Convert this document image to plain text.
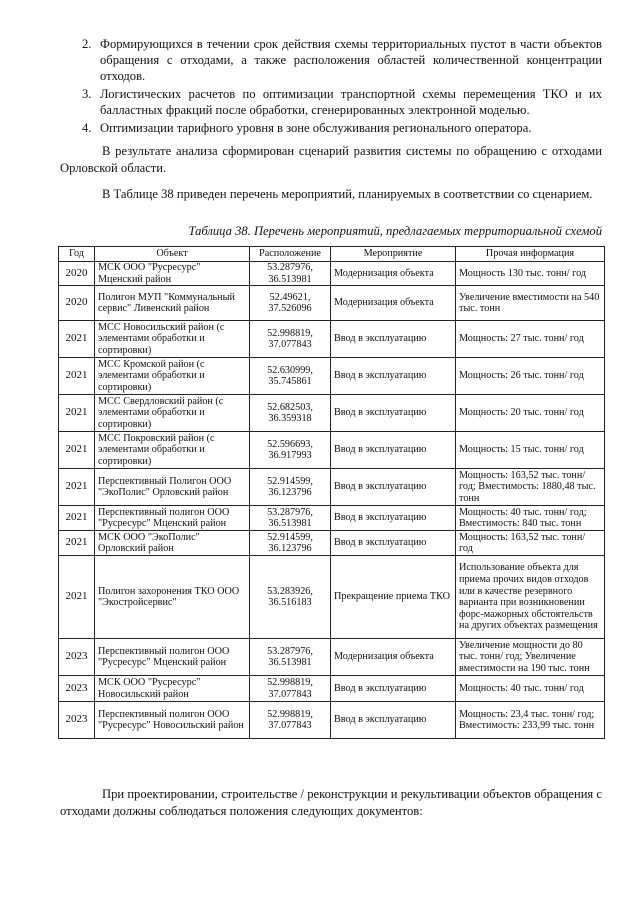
2. Формирующихся в течении срок действия схемы территориальных пустот в части объектов обращения с отходами, а также расположения областей количественной концентрации отходов.
3. Логистических расчетов по оптимизации транспортной схемы перемещения ТКО и их балластных фракций после обработки, сгенерированных электронной моделью.
4. Оптимизации тарифного уровня в зоне обслуживания регионального оператора.

В результате анализа сформирован сценарий развития системы по обращению с отходами Орловской области.

В Таблице 38 приведен перечень мероприятий, планируемых в соответствии со сценарием.

Таблица 38. Перечень мероприятий, предлагаемых территориальной схемой
Год	Объект	Расположение	Мероприятие	Прочая информация
2020	МСК ООО "Русресурс" Мценский район	53.287976, 36.513981	Модернизация объекта	Мощность 130 тыс. тонн/ год
2020	Полигон МУП "Коммунальный сервис" Ливенский район	52.49621, 37.526096	Модернизация объекта	Увеличение вместимости на 540 тыс. тонн
2021	МСС Новосильский район (с элементами обработки и сортировки)	52.998819, 37.077843	Ввод в эксплуатацию	Мощность: 27 тыс. тонн/ год
2021	МСС Кромской район (с элементами обработки и сортировки)	52.630999, 35.745861	Ввод в эксплуатацию	Мощность: 26 тыс. тонн/ год
2021	МСС Свердловский район (с элементами обработки и сортировки)	52.682503, 36.359318	Ввод в эксплуатацию	Мощность: 20 тыс. тонн/ год
2021	МСС Покровский район (с элементами обработки и сортировки)	52.596693, 36.917993	Ввод в эксплуатацию	Мощность: 15 тыс. тонн/ год
2021	Перспективный Полигон ООО "ЭкоПолис" Орловский район	52.914599, 36.123796	Ввод в эксплуатацию	Мощность: 163,52 тыс. тонн/ год; Вместимость: 1880,48 тыс. тонн
2021	Перспективный полигон ООО "Русресурс" Мценский район	53.287976, 36.513981	Ввод в эксплуатацию	Мощность: 40 тыс. тонн/ год; Вместимость: 840 тыс. тонн
2021	МСК ООО "ЭкоПолис" Орловский район	52.914599, 36.123796	Ввод в эксплуатацию	Мощность: 163,52 тыс. тонн/ год
2021	Полигон захоронения ТКО ООО "Экостройсервис"	53.283926, 36.516183	Прекращение приема ТКО	Использование объекта для приема прочих видов отходов или в качестве резервного варианта при возникновении форс-мажорных обстоятельств на других объектах размещения
2023	Перспективный полигон ООО "Русресурс" Мценский район	53.287976, 36.513981	Модернизация объекта	Увеличение мощности до 80 тыс. тонн/ год; Увеличение вместимости на 190 тыс. тонн
2023	МСК ООО "Русресурс" Новосильский район	52.998819, 37.077843	Ввод в эксплуатацию	Мощность: 40 тыс. тонн/ год
2023	Перспективный полигон ООО "Русресурс" Новосильский район	52.998819, 37.077843	Ввод в эксплуатацию	Мощность: 23,4 тыс. тонн/ год; Вместимость: 233,99 тыс. тонн

При проектировании, строительстве / реконструкции и рекультивации объектов обращения с отходами должны соблюдаться положения следующих документов:
